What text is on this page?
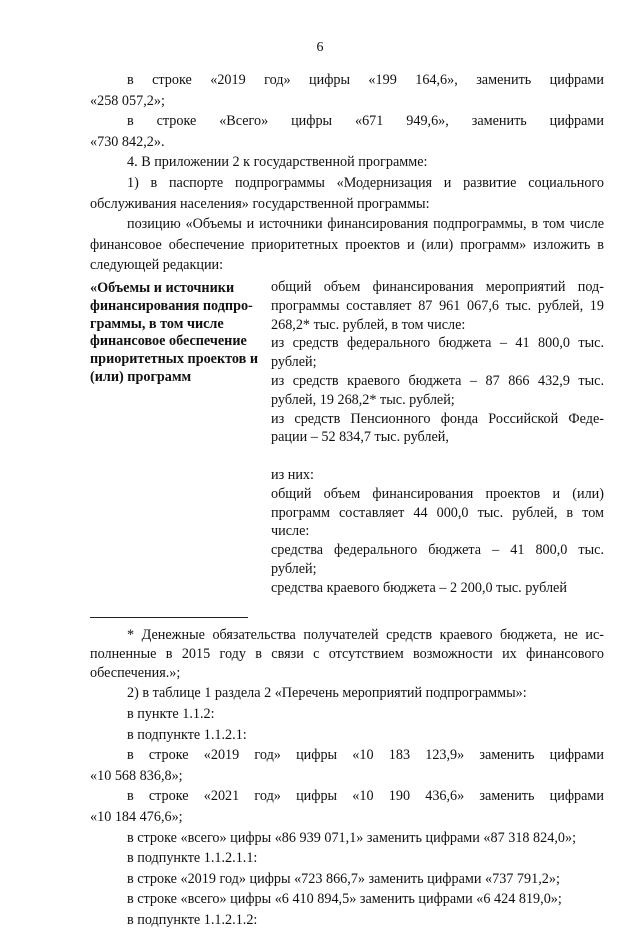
6

в строке «2019 год» цифры «199 164,6», заменить цифрами

«258 057,2»;

в строке «Всего» цифры «671 949,6», заменить цифрами

«730 842,2».

4. В приложении 2 к государственной программе:

1) в паспорте подпрограммы «Модернизация и развитие социального обслуживания населения» государственной программы:

позицию «Объемы и источники финансирования подпрограммы, в том числе финансовое обеспечение приоритетных проектов и (или) программ» изложить в следующей редакции:

«Объемы и источники финансирования подпро-граммы, в том числе финансовое обеспечение приоритетных проектов и (или) программ

общий объем финансирования мероприятий под-программы составляет 87 961 067,6 тыс. рублей, 19 268,2* тыс. рублей, в том числе:

из средств федерального бюджета – 41 800,0 тыс. рублей;

из средств краевого бюджета – 87 866 432,9 тыс. рублей, 19 268,2* тыс. рублей;

из средств Пенсионного фонда Российской Феде-рации – 52 834,7 тыс. рублей,

из них:

общий объем финансирования проектов и (или) программ составляет 44 000,0 тыс. рублей, в том числе:

средства федерального бюджета – 41 800,0 тыс. рублей;

средства краевого бюджета – 2 200,0 тыс. рублей

* Денежные обязательства получателей средств краевого бюджета, не ис-полненные в 2015 году в связи с отсутствием возможности их финансового обеспечения.»;

2) в таблице 1 раздела 2 «Перечень мероприятий подпрограммы»:

в пункте 1.1.2:

в подпункте 1.1.2.1:

в строке «2019 год» цифры «10 183 123,9» заменить цифрами

«10 568 836,8»;

в строке «2021 год» цифры «10 190 436,6» заменить цифрами

«10 184 476,6»;

в строке «всего» цифры «86 939 071,1» заменить цифрами «87 318 824,0»;

в подпункте 1.1.2.1.1:

в строке «2019 год» цифры «723 866,7» заменить цифрами «737 791,2»;

в строке «всего» цифры «6 410 894,5» заменить цифрами «6 424 819,0»;

в подпункте 1.1.2.1.2:
